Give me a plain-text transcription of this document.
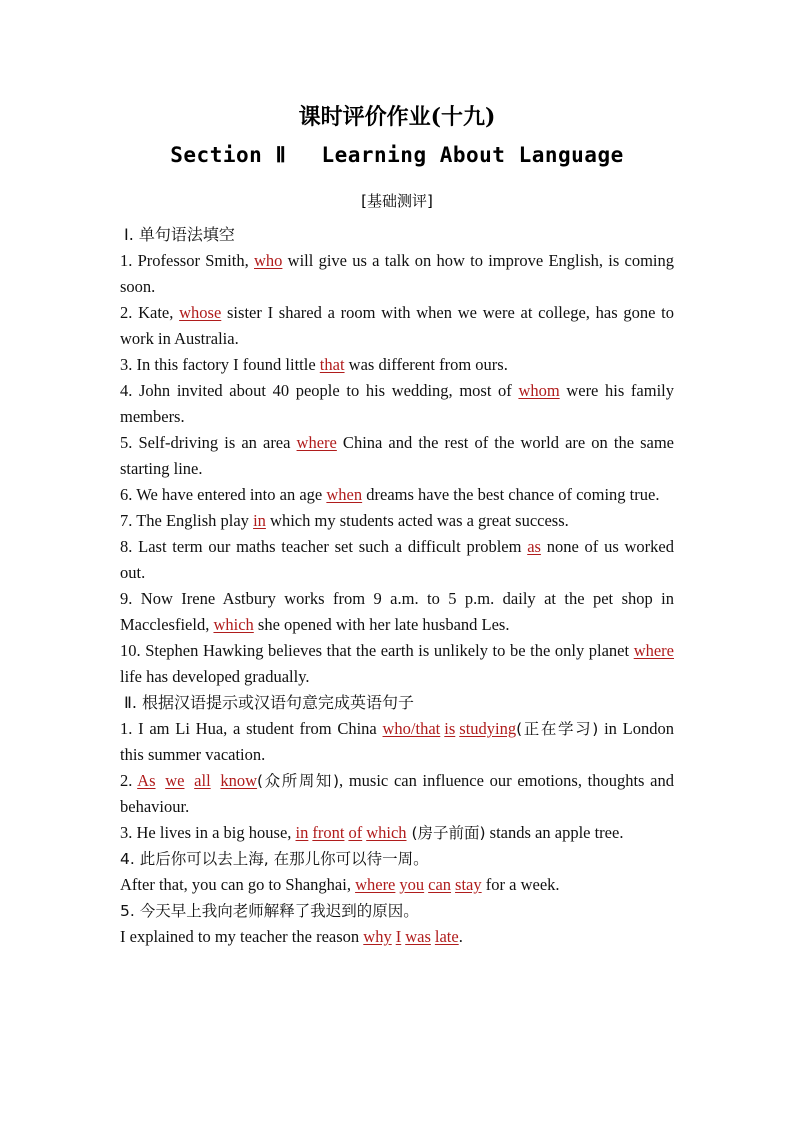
课时评价作业(十九)
Section Ⅱ Learning About Language
[基础测评]
Ⅰ. 单句语法填空
1. Professor Smith, who will give us a talk on how to improve English, is coming soon.
2. Kate, whose sister I shared a room with when we were at college, has gone to work in Australia.
3. In this factory I found little that was different from ours.
4. John invited about 40 people to his wedding, most of whom were his family members.
5. Self-driving is an area where China and the rest of the world are on the same starting line.
6. We have entered into an age when dreams have the best chance of coming true.
7. The English play in which my students acted was a great success.
8. Last term our maths teacher set such a difficult problem as none of us worked out.
9. Now Irene Astbury works from 9 a.m. to 5 p.m. daily at the pet shop in Macclesfield, which she opened with her late husband Les.
10. Stephen Hawking believes that the earth is unlikely to be the only planet where life has developed gradually.
Ⅱ. 根据汉语提示或汉语句意完成英语句子
1. I am Li Hua, a student from China who/that is studying(正在学习) in London this summer vacation.
2. As we all know(众所周知), music can influence our emotions, thoughts and behaviour.
3. He lives in a big house, in front of which (房子前面) stands an apple tree.
4. 此后你可以去上海, 在那儿你可以待一周。
After that, you can go to Shanghai, where you can stay for a week.
5. 今天早上我向老师解释了我迟到的原因。
I explained to my teacher the reason why I was late.
